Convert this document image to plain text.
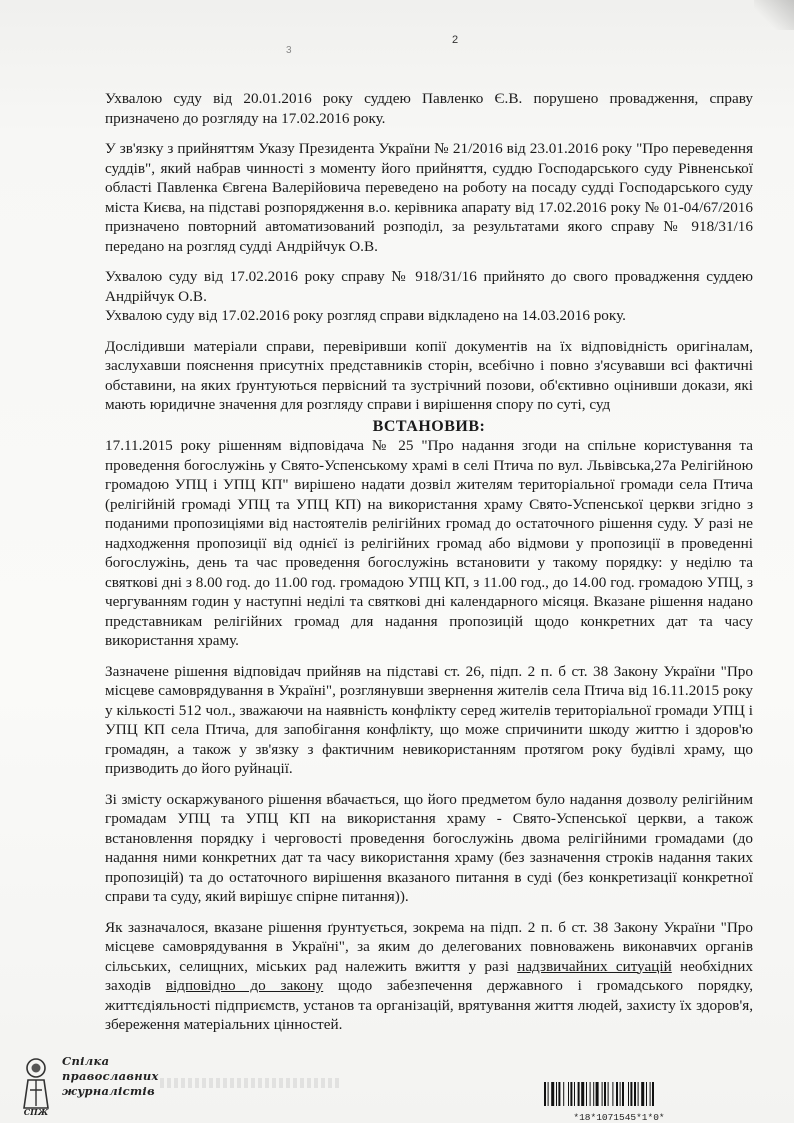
3
2

Ухвалою суду від 20.01.2016 року суддею Павленко Є.В. порушено провадження, справу призначено до розгляду на 17.02.2016 року.

У зв'язку з прийняттям Указу Президента України № 21/2016 від 23.01.2016 року "Про переведення суддів", який набрав чинності з моменту його прийняття, суддю Господарського суду Рівненської області Павленка Євгена Валерійовича переведено на роботу на посаду судді Господарського суду міста Києва, на підставі розпорядження в.о. керівника апарату від 17.02.2016 року № 01-04/67/2016 призначено повторний автоматизований розподіл, за результатами якого справу № 918/31/16 передано на розгляд судді Андрійчук О.В.

Ухвалою суду від 17.02.2016 року справу № 918/31/16 прийнято до свого провадження суддею Андрійчук О.В.

Ухвалою суду від 17.02.2016 року розгляд справи відкладено на 14.03.2016 року.

Дослідивши матеріали справи, перевіривши копії документів на їх відповідність оригіналам, заслухавши пояснення присутніх представників сторін, всебічно і повно з'ясувавши всі фактичні обставини, на яких ґрунтуються первісний та зустрічний позови, об'єктивно оцінивши докази, які мають юридичне значення для розгляду справи і вирішення спору по суті, суд

ВСТАНОВИВ:

17.11.2015 року рішенням відповідача № 25 "Про надання згоди на спільне користування та проведення богослужінь у Свято-Успенському храмі в селі Птича по вул. Львівська,27а Релігійною громадою УПЦ і УПЦ КП" вирішено надати дозвіл жителям територіальної громади села Птича (релігійній громаді УПЦ та УПЦ КП) на використання храму Свято-Успенської церкви згідно з поданими пропозиціями від настоятелів релігійних громад до остаточного рішення суду. У разі не надходження пропозиції від однієї із релігійних громад або відмови у пропозиції в проведенні богослужінь, день та час проведення богослужінь встановити у такому порядку: у неділю та святкові дні з 8.00 год. до 11.00 год. громадою УПЦ КП, з 11.00 год., до 14.00 год. громадою УПЦ, з чергуванням годин у наступні неділі та святкові дні календарного місяця. Вказане рішення надано представникам релігійних громад для надання пропозицій щодо конкретних дат та часу використання храму.

Зазначене рішення відповідач прийняв на підставі ст. 26, підп. 2 п. б ст. 38 Закону України "Про місцеве самоврядування в Україні", розглянувши звернення жителів села Птича від 16.11.2015 року у кількості 512 чол., зважаючи на наявність конфлікту серед жителів територіальної громади УПЦ і УПЦ КП села Птича, для запобігання конфлікту, що може спричинити шкоду життю і здоров'ю громадян, а також у зв'язку з фактичним невикористанням протягом року будівлі храму, що призводить до його руйнації.

Зі змісту оскаржуваного рішення вбачається, що його предметом було надання дозволу релігійним громадам УПЦ та УПЦ КП на використання храму - Свято-Успенської церкви, а також встановлення порядку і черговості проведення богослужінь двома релігійними громадами (до надання ними конкретних дат та часу використання храму (без зазначення строків надання таких пропозицій) та до остаточного вирішення вказаного питання в суді (без конкретизації конкретної справи та суду, який вирішує спірне питання)).

Як зазначалося, вказане рішення ґрунтується, зокрема на підп. 2 п. б ст. 38 Закону України "Про місцеве самоврядування в Україні", за яким до делегованих повноважень виконавчих органів сільських, селищних, міських рад належить вжиття у разі надзвичайних ситуацій необхідних заходів відповідно до закону щодо забезпечення державного і громадського порядку, життєдіяльності підприємств, установ та організацій, врятування життя людей, захисту їх здоров'я, збереження матеріальних цінностей.

СПЖ
Спілка
православних
журналістів
*18*1071545*1*0*
